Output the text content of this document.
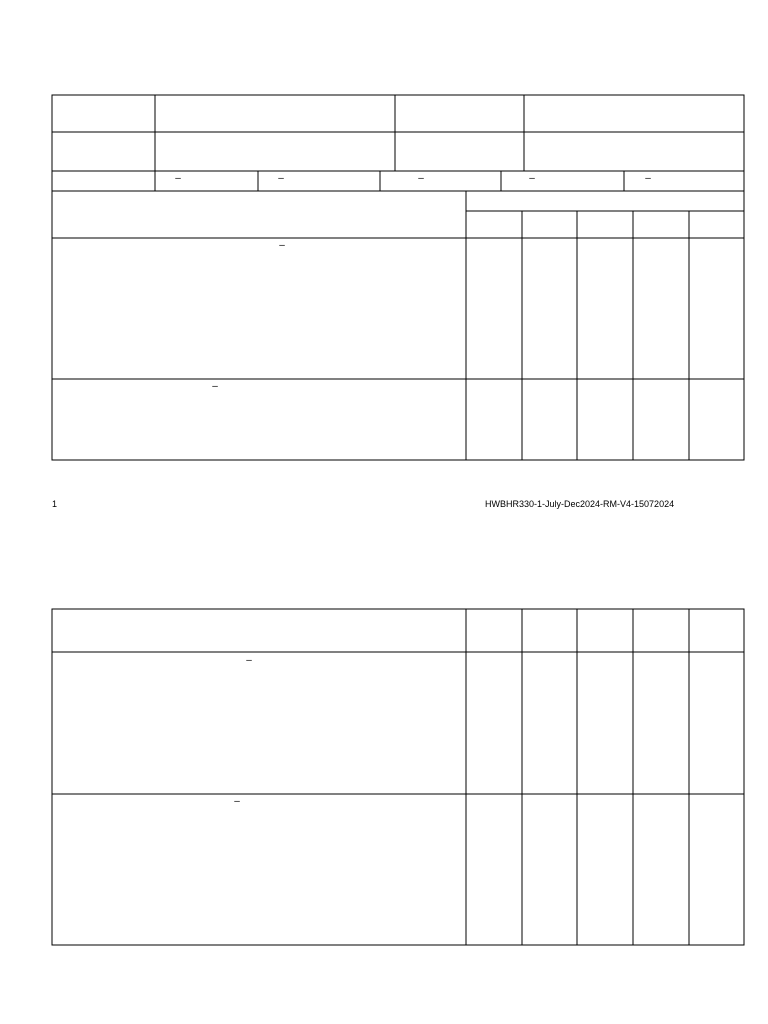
–	–	–	–	–
–
–
1	HWBHR330-1-July-Dec2024-RM-V4-15072024
–
–
